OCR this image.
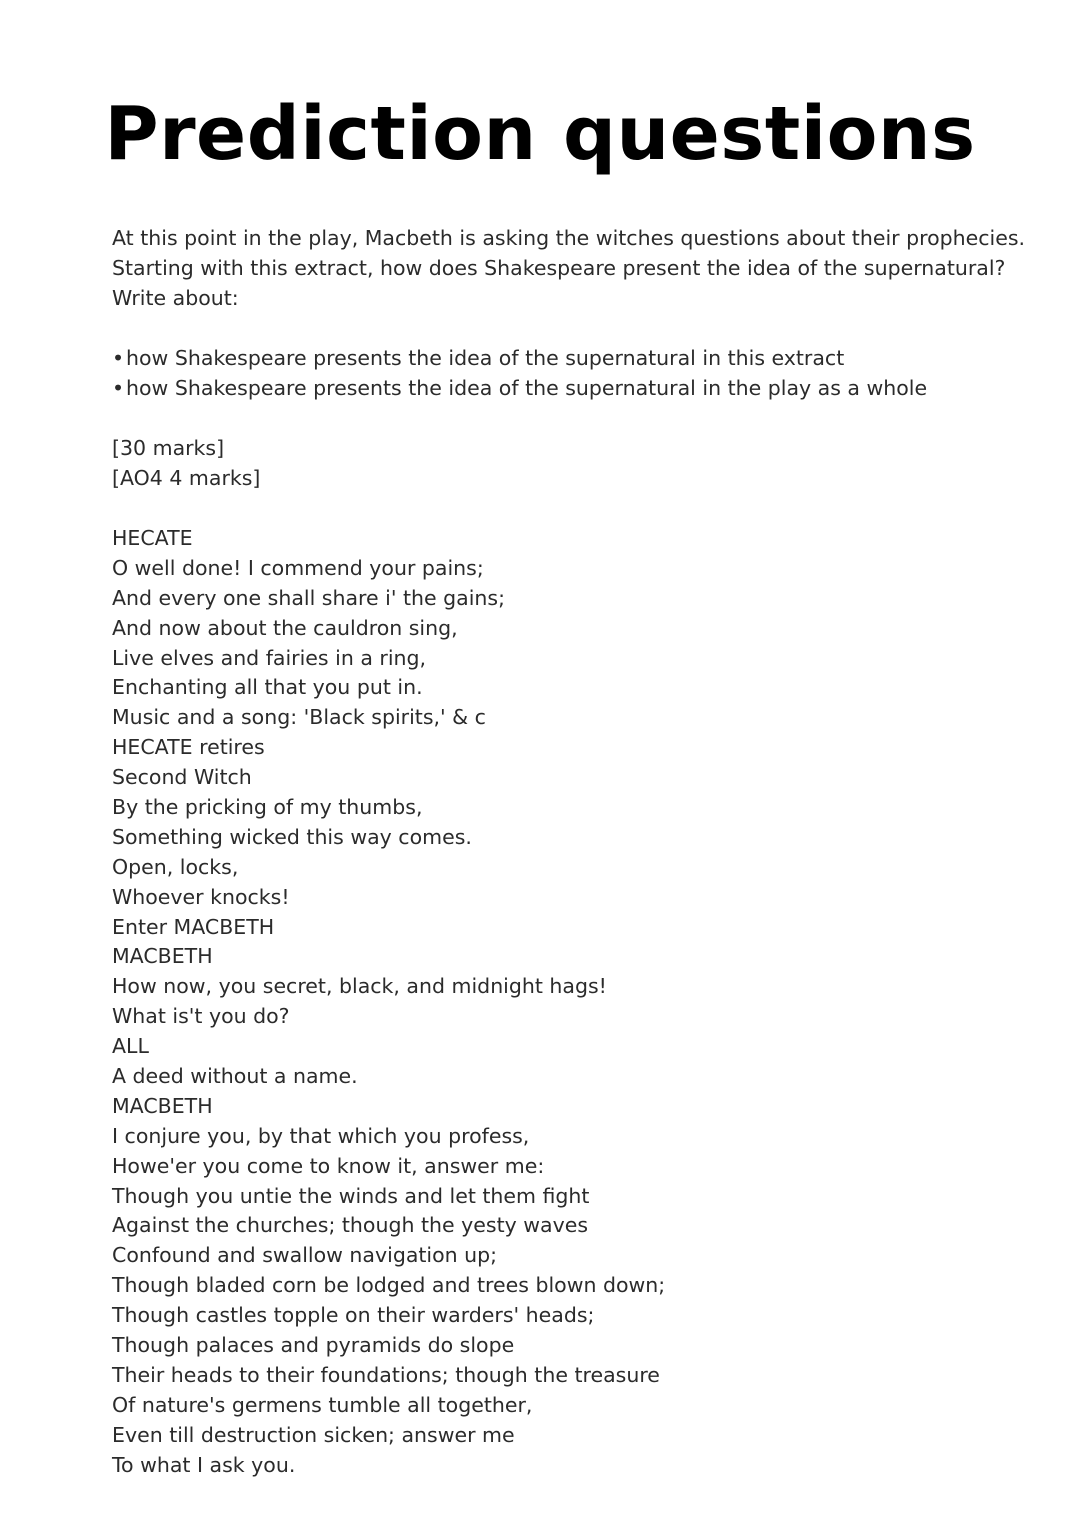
Prediction questions
At this point in the play, Macbeth is asking the witches questions about their prophecies.
Starting with this extract, how does Shakespeare present the idea of the supernatural?
Write about:
•how Shakespeare presents the idea of the supernatural in this extract
•how Shakespeare presents the idea of the supernatural in the play as a whole
[30 marks]
[AO4 4 marks]
HECATE
O well done! I commend your pains;
And every one shall share i' the gains;
And now about the cauldron sing,
Live elves and fairies in a ring,
Enchanting all that you put in.
Music and a song: 'Black spirits,' & c
HECATE retires
Second Witch
By the pricking of my thumbs,
Something wicked this way comes.
Open, locks,
Whoever knocks!
Enter MACBETH
MACBETH
How now, you secret, black, and midnight hags!
What is't you do?
ALL
A deed without a name.
MACBETH
I conjure you, by that which you profess,
Howe'er you come to know it, answer me:
Though you untie the winds and let them fight
Against the churches; though the yesty waves
Confound and swallow navigation up;
Though bladed corn be lodged and trees blown down;
Though castles topple on their warders' heads;
Though palaces and pyramids do slope
Their heads to their foundations; though the treasure
Of nature's germens tumble all together,
Even till destruction sicken; answer me
To what I ask you.
